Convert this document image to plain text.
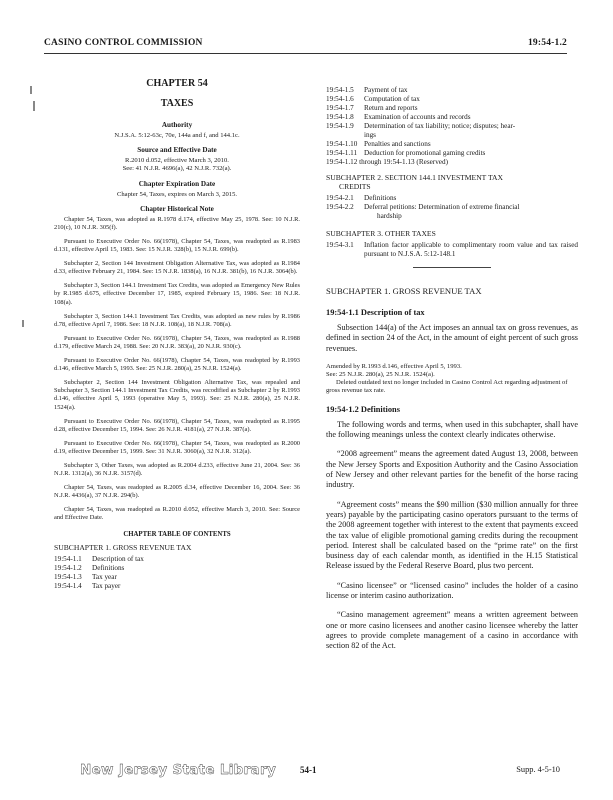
CASINO CONTROL COMMISSION	19:54-1.2
CHAPTER 54
TAXES
Authority
N.J.S.A. 5:12-63c, 70e, 144a and f, and 144.1c.
Source and Effective Date
R.2010 d.052, effective March 3, 2010.
See: 41 N.J.R. 4696(a), 42 N.J.R. 732(a).
Chapter Expiration Date
Chapter 54, Taxes, expires on March 3, 2015.
Chapter Historical Note

Chapter 54, Taxes, was adopted as R.1978 d.174, effective May 25, 1978. See: 10 N.J.R. 210(c), 10 N.J.R. 305(f).

Pursuant to Executive Order No. 66(1978), Chapter 54, Taxes, was readopted as R.1983 d.131, effective April 15, 1983. See: 15 N.J.R. 328(b), 15 N.J.R. 699(b).

Subchapter 2, Section 144 Investment Obligation Alternative Tax, was adopted as R.1984 d.33, effective February 21, 1984. See: 15 N.J.R. 1838(a), 16 N.J.R. 381(b), 16 N.J.R. 3064(b).

Subchapter 3, Section 144.1 Investment Tax Credits, was adopted as Emergency New Rules by R.1985 d.675, effective December 17, 1985, expired February 15, 1986. See: 18 N.J.R. 108(a).

Subchapter 3, Section 144.1 Investment Tax Credits, was adopted as new rules by R.1986 d.78, effective April 7, 1986. See: 18 N.J.R. 108(a), 18 N.J.R. 708(a).

Pursuant to Executive Order No. 66(1978), Chapter 54, Taxes, was readopted as R.1988 d.179, effective March 24, 1988. See: 20 N.J.R. 383(a), 20 N.J.R. 930(c).

Pursuant to Executive Order No. 66(1978), Chapter 54, Taxes, was readopted by R.1993 d.146, effective March 5, 1993. See: 25 N.J.R. 280(a), 25 N.J.R. 1524(a).

Subchapter 2, Section 144 Investment Obligation Alternative Tax, was repealed and Subchapter 3, Section 144.1 Investment Tax Credits, was recodified as Subchapter 2 by R.1993 d.146, effective April 5, 1993 (operative May 5, 1993). See: 25 N.J.R. 280(a), 25 N.J.R. 1524(a).

Pursuant to Executive Order No. 66(1978), Chapter 54, Taxes, was readopted as R.1995 d.28, effective December 15, 1994. See: 26 N.J.R. 4181(a), 27 N.J.R. 387(a).

Pursuant to Executive Order No. 66(1978), Chapter 54, Taxes, was readopted as R.2000 d.19, effective December 15, 1999. See: 31 N.J.R. 3060(a), 32 N.J.R. 312(a).

Subchapter 3, Other Taxes, was adopted as R.2004 d.233, effective June 21, 2004. See: 36 N.J.R. 1312(a), 36 N.J.R. 3157(d).

Chapter 54, Taxes, was readopted as R.2005 d.34, effective December 16, 2004. See: 36 N.J.R. 4436(a), 37 N.J.R. 294(b).

Chapter 54, Taxes, was readopted as R.2010 d.052, effective March 3, 2010. See: Source and Effective Date.

CHAPTER TABLE OF CONTENTS
SUBCHAPTER 1. GROSS REVENUE TAX
19:54-1.1	Description of tax
19:54-1.2	Definitions
19:54-1.3	Tax year
19:54-1.4	Tax payer
19:54-1.5	Payment of tax
19:54-1.6	Computation of tax
19:54-1.7	Return and reports
19:54-1.8	Examination of accounts and records
19:54-1.9	Determination of tax liability; notice; disputes; hear-
ings
19:54-1.10 Penalties and sanctions
19:54-1.11 Deduction for promotional gaming credits
19:54-1.12 through 19:54-1.13 (Reserved)
SUBCHAPTER 2. SECTION 144.1 INVESTMENT TAX
CREDITS
19:54-2.1	Definitions
19:54-2.2	Deferral petitions: Determination of extreme financial
hardship
SUBCHAPTER 3. OTHER TAXES
19:54-3.1	Inflation factor applicable to complimentary room value and tax raised pursuant to N.J.S.A. 5:12-148.1
SUBCHAPTER 1. GROSS REVENUE TAX
19:54-1.1 Description of tax

Subsection 144(a) of the Act imposes an annual tax on gross revenues, as defined in section 24 of the Act, in the amount of eight percent of such gross revenues.

Amended by R.1993 d.146, effective April 5, 1993.
See: 25 N.J.R. 280(a), 25 N.J.R. 1524(a).
Deleted outdated text no longer included in Casino Control Act regarding adjustment of gross revenue tax rate.
19:54-1.2 Definitions

The following words and terms, when used in this subchapter, shall have the following meanings unless the context clearly indicates otherwise.

“2008 agreement” means the agreement dated August 13, 2008, between the New Jersey Sports and Exposition Authority and the Casino Association of New Jersey and other relevant parties for the benefit of the horse racing industry.

“Agreement costs” means the $90 million ($30 million annually for three years) payable by the participating casino operators pursuant to the terms of the 2008 agreement together with interest to the extent that payments exceed the tax value of eligible promotional gaming credits during the recoupment period. Interest shall be calculated based on the “prime rate” on the first business day of each calendar month, as identified in the H.15 Statistical Release issued by the Federal Reserve Board, plus two percent.

“Casino licensee” or “licensed casino” includes the holder of a casino license or interim casino authorization.

“Casino management agreement” means a written agreement between one or more casino licensees and another casino licensee whereby the latter agrees to provide complete management of a casino in accordance with section 82 of the Act.

New Jersey State Library	54-1	Supp. 4-5-10
